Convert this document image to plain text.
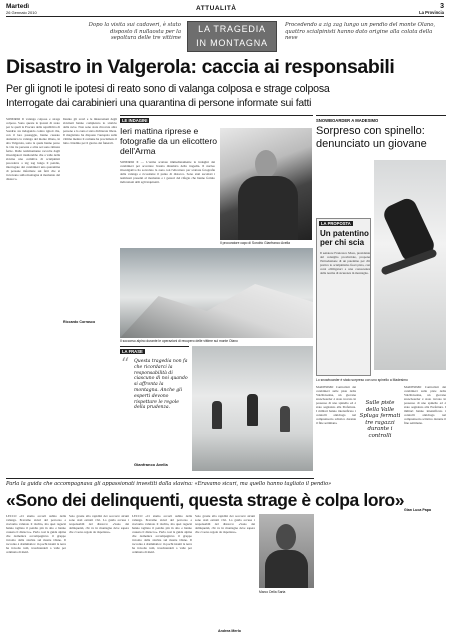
Martedì
26 Gennaio 2010
ATTUALITÀ	3
La Provincia
Dopo la visita sui cadaveri, è stato disposto il nullaosta per la sepoltura delle tre vittime
LA TRAGEDIA
IN MONTAGNA
Procedendo a zig zag lungo un pendio del monte Olano, quattro scialpinisti hanno dato origine alla colata della neve
Disastro in Valgerola: caccia ai responsabili
Per gli ignoti le ipotesi di reato sono di valanga colposa e strage colposa
Interrogate dai carabinieri una quarantina di persone informate sui fatti
SONDRIO Il valanga colposa e strage colposa. Sono queste le ipotesi di reato per le quali la Procura della repubblica di Sondrio sta indagando contro ignoti che, con il loro passaggio, hanno causato domenica la valanga del monte Olano, in alta Valgerola, sotto la quale hanno perso la vita tre persone e altre sei sono rimaste ferite. Dalle testimonianze raccolte dagli investigatori risulterebbe che a valle della slavina una comitiva di scialpinisti procedeva a zig zag lungo il pendio, interrogate dai carabinieri una quarantina di persone informate sui fatti che si trovavano sulla montagna al momento del distacco.
Intanto gli scavi e le misurazioni degli slavinati hanno completato lo stralcio della neve. Non sono state ritrovate altre persone e la zona è stata dichiarata libera. Il magistrato ha disposto l'autopsia sulle vittime mentre il comune ha proclamato il lutto cittadino per il giorno dei funerali.
LE INDAGINI
Ieri mattina riprese e fotografie da un elicottero dell'Arma
SONDRIO Il — L'Arma scattate immediatamente le indagini dei carabinieri per accertare l'esatta dinamica della tragedia. Il nucleo investigativo ha sorvolato la zona con l'elicottero per scattare fotografie della valanga e ricostruire il punto di distacco. Sono stati ascoltati i testimoni presenti al momento e i gestori del rifugio che hanno fornito indicazioni utili agli inquirenti.
Il procuratore capo di Sondrio Gianfranco Avella
Il soccorso alpino durante le operazioni di recupero delle vittime sul monte Olano
LA FRASE
“ Questa tragedia non fa che ricordarci la responsabilità di ciascuno di noi quando si affronta la montagna. Anche gli esperti devono rispettare le regole della prudenza.
Gianfranco Avella
LA PROPOSTA
Un patentino per chi scia
Il senatore Francesco Moro, presidente del consiglio provinciale, propone l'introduzione di un patentino per chi pratica lo scialpinismo fuori pista, con corsi obbligatori e una conoscenza delle norme di sicurezza in montagna.
SNOWBOARDER A MADESIMO
Sorpreso con spinello: denunciato un giovane
Lo snowboarder è stato sorpreso con uno spinello a Madesimo
MADESIMO Controllati dai carabinieri sulle piste della Valchiavenna, un giovane snowboarder è stato trovato in possesso di uno spinello ed è stato segnalato alla Prefettura. I militari hanno intensificato i controlli antidroga nel comprensorio sciistico durante il fine settimana.
Sulle piste della Valle Spluga fermati tre ragazzi durante i controlli
MADESIMO Controllati dai carabinieri sulle piste della Valchiavenna, un giovane snowboarder è stato trovato in possesso di uno spinello ed è stato segnalato alla Prefettura. I militari hanno intensificato i controlli antidroga nel comprensorio sciistico durante il fine settimana.
Gian Luca Papa
Riccardo Corrasco
Parla la guida che accompagnava gli appassionati investiti dalla slavina: «Eravamo sicuri, ma quello hanno tagliato il pendio»
«Sono dei delinquenti, questa strage è colpa loro»
LECCO «Ci siamo accorti subito della valanga. Eravamo sicuri del percorso e avevamo valutato il rischio, ma quei ragazzi hanno tagliato il pendio più in alto e hanno causato il distacco». Parla così la guida alpina che domenica accompagnava il gruppo travolto dalla slavina sul monte Olano. Il racconto è drammatico: in pochi istanti la neve ha travolto tutti, trascinandoli a valle per centinaia di metri.
Solo grazie alla rapidità dei soccorsi alcuni sono stati estratti vivi. La guida accusa i responsabili del distacco: «Sono dei delinquenti, chi va in montagna deve sapere che ci sono regole da rispettare».
LECCO «Ci siamo accorti subito della valanga. Eravamo sicuri del percorso e avevamo valutato il rischio, ma quei ragazzi hanno tagliato il pendio più in alto e hanno causato il distacco». Parla così la guida alpina che domenica accompagnava il gruppo travolto dalla slavina sul monte Olano. Il racconto è drammatico: in pochi istanti la neve ha travolto tutti, trascinandoli a valle per centinaia di metri.
Solo grazie alla rapidità dei soccorsi alcuni sono stati estratti vivi. La guida accusa i responsabili del distacco: «Sono dei delinquenti, chi va in montagna deve sapere che ci sono regole da rispettare».
Andrea Merlo
Marco Della Sarta
